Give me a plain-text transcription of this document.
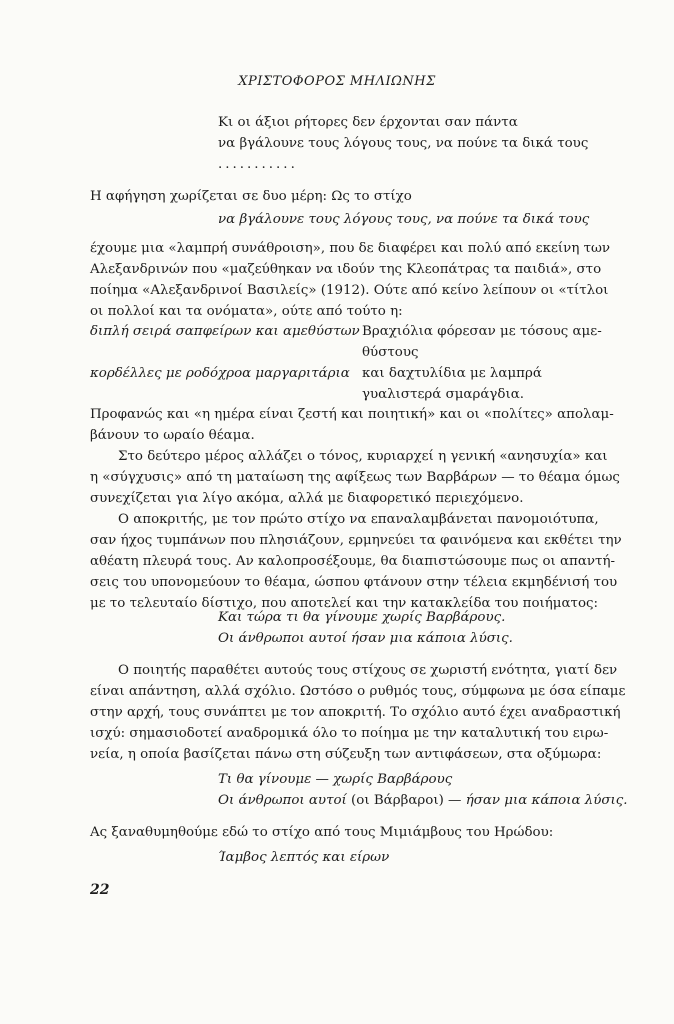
ΧΡΙΣΤΟΦΟΡΟΣ ΜΗΛΙΩΝΗΣ
Κι οι άξιοι ρήτορες δεν έρχονται σαν πάντα
να βγάλουνε τους λόγους τους, να πούνε τα δικά τους
...........
Η αφήγηση χωρίζεται σε δυο μέρη: Ως το στίχο
να βγάλουνε τους λόγους τους, να πούνε τα δικά τους
έχουμε μια «λαμπρή συνάθροιση», που δε διαφέρει και πολύ από εκείνη των
Αλεξανδρινών που «μαζεύθηκαν να ιδούν της Κλεοπάτρας τα παιδιά», στο
ποίημα «Αλεξανδρινοί Βασιλείς» (1912). Ούτε από κείνο λείπουν οι «τίτλοι
οι πολλοί και τα ονόματα», ούτε από τούτο η:
διπλή σειρά σαπφείρων και αμεθύστων Βραχιόλια φόρεσαν με τόσους αμε-θύστους
κορδέλλες με ροδόχροα μαργαριτάρια και δαχτυλίδια με λαμπρά γυαλιστερά σμαράγδια.
Προφανώς και «η ημέρα είναι ζεστή και ποιητική» και οι «πολίτες» απολαμ-
βάνουν το ωραίο θέαμα.
Στο δεύτερο μέρος αλλάζει ο τόνος, κυριαρχεί η γενική «ανησυχία» και
η «σύγχυσις» από τη ματαίωση της αφίξεως των Βαρβάρων — το θέαμα όμως
συνεχίζεται για λίγο ακόμα, αλλά με διαφορετικό περιεχόμενο.
Ο αποκριτής, με τον πρώτο στίχο να επαναλαμβάνεται πανομοιότυπα,
σαν ήχος τυμπάνων που πλησιάζουν, ερμηνεύει τα φαινόμενα και εκθέτει την
αθέατη πλευρά τους. Αν καλοπροσέξουμε, θα διαπιστώσουμε πως οι απαντή-
σεις του υπονομεύουν το θέαμα, ώσπου φτάνουν στην τέλεια εκμηδένισή του
με το τελευταίο δίστιχο, που αποτελεί και την κατακλείδα του ποιήματος:
Και τώρα τι θα γίνουμε χωρίς Βαρβάρους.
Οι άνθρωποι αυτοί ήσαν μια κάποια λύσις.
Ο ποιητής παραθέτει αυτούς τους στίχους σε χωριστή ενότητα, γιατί δεν
είναι απάντηση, αλλά σχόλιο. Ωστόσο ο ρυθμός τους, σύμφωνα με όσα είπαμε
στην αρχή, τους συνάπτει με τον αποκριτή. Το σχόλιο αυτό έχει αναδραστική
ισχύ: σημασιοδοτεί αναδρομικά όλο το ποίημα με την καταλυτική του ειρω-
νεία, η οποία βασίζεται πάνω στη σύζευξη των αντιφάσεων, στα οξύμωρα:
Τι θα γίνουμε — χωρίς Βαρβάρους
Οι άνθρωποι αυτοί (οι Βάρβαροι) — ήσαν μια κάποια λύσις.
Ας ξαναθυμηθούμε εδώ το στίχο από τους Μιμιάμβους του Ηρώδου:
Ίαμβος λεπτός και είρων
22
